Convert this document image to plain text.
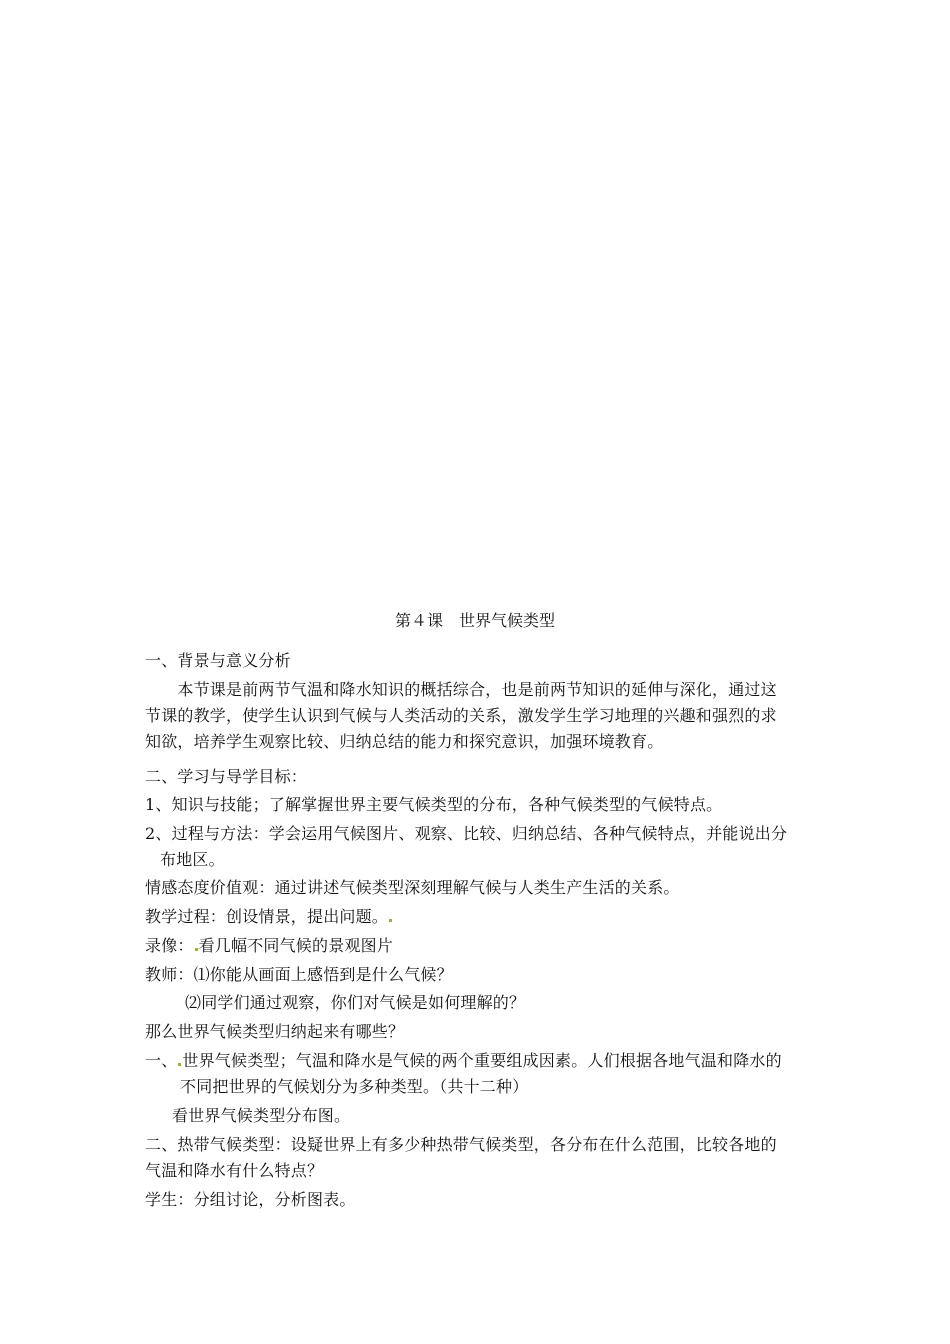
第４课　世界气候类型
一、背景与意义分析
　　本节课是前两节气温和降水知识的概括综合，也是前两节知识的延伸与深化，通过这
节课的教学，使学生认识到气候与人类活动的关系，激发学生学习地理的兴趣和强烈的求
知欲，培养学生观察比较、归纳总结的能力和探究意识，加强环境教育。
二、学习与导学目标：
1、知识与技能；了解掌握世界主要气候类型的分布，各种气候类型的气候特点。
2、过程与方法：学会运用气候图片、观察、比较、归纳总结、各种气候特点，并能说出分
布地区。
情感态度价值观：通过讲述气候类型深刻理解气候与人类生产生活的关系。
教学过程：创设情景，提出问题。
录像： 看几幅不同气候的景观图片
教师：⑴你能从画面上感悟到是什么气候？
⑵同学们通过观察，你们对气候是如何理解的？
那么世界气候类型归纳起来有哪些？
一、 世界气候类型；气温和降水是气候的两个重要组成因素。人们根据各地气温和降水的
不同把世界的气候划分为多种类型。（共十二种）
看世界气候类型分布图。
二、热带气候类型：设疑世界上有多少种热带气候类型，各分布在什么范围，比较各地的
气温和降水有什么特点？
学生：分组讨论，分析图表。
